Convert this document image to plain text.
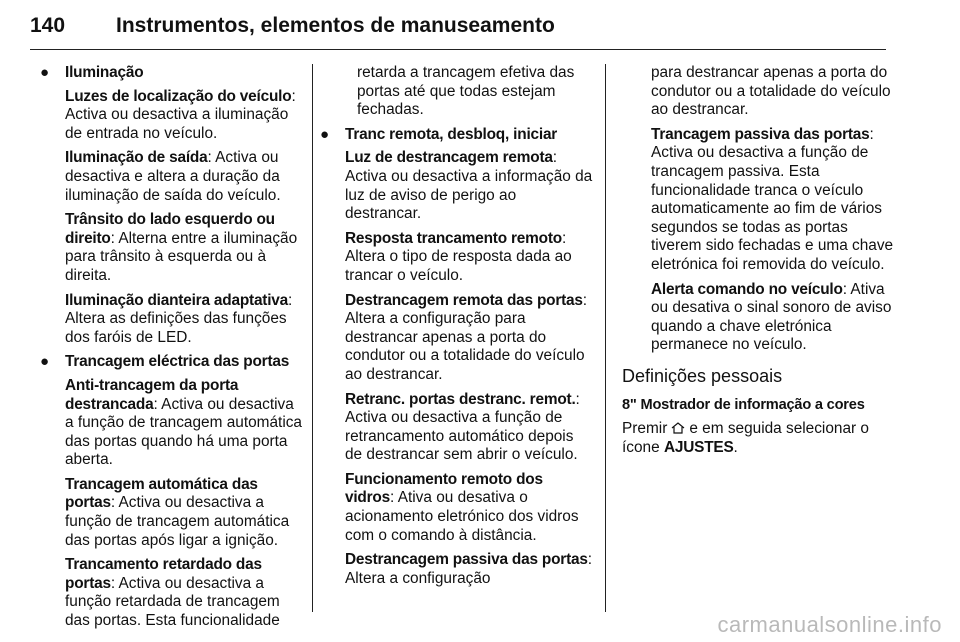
140 Instrumentos, elementos de manuseamento
● Iluminação

Luzes de localização do veículo: Activa ou desactiva a iluminação de entrada no veículo.

Iluminação de saída: Activa ou desactiva e altera a duração da iluminação de saída do veículo.

Trânsito do lado esquerdo ou direito: Alterna entre a iluminação para trânsito à esquerda ou à direita.

Iluminação dianteira adaptativa: Altera as definições das funções dos faróis de LED.

● Trancagem eléctrica das portas

Anti-trancagem da porta destrancada: Activa ou desactiva a função de trancagem automática das portas quando há uma porta aberta.

Trancagem automática das portas: Activa ou desactiva a função de trancagem automática das portas após ligar a ignição.

Trancamento retardado das portas: Activa ou desactiva a função retardada de trancagem das portas. Esta funcionalidade

retarda a trancagem efetiva das portas até que todas estejam fechadas.

● Tranc remota, desbloq, iniciar

Luz de destrancagem remota: Activa ou desactiva a informação da luz de aviso de perigo ao destrancar.

Resposta trancamento remoto: Altera o tipo de resposta dada ao trancar o veículo.

Destrancagem remota das portas: Altera a configuração para destrancar apenas a porta do condutor ou a totalidade do veículo ao destrancar.

Retranc. portas destranc. remot.: Activa ou desactiva a função de retrancamento automático depois de destrancar sem abrir o veículo.

Funcionamento remoto dos vidros: Ativa ou desativa o acionamento eletrónico dos vidros com o comando à distância.

Destrancagem passiva das portas: Altera a configuração

para destrancar apenas a porta do condutor ou a totalidade do veículo ao destrancar.

Trancagem passiva das portas: Activa ou desactiva a função de trancagem passiva. Esta funcionalidade tranca o veículo automaticamente ao fim de vários segundos se todas as portas tiverem sido fechadas e uma chave eletrónica foi removida do veículo.

Alerta comando no veículo: Ativa ou desativa o sinal sonoro de aviso quando a chave eletrónica permanece no veículo.

Definições pessoais
8" Mostrador de informação a cores

Premir e em seguida selecionar o ícone AJUSTES.

carmanualsonline.info
